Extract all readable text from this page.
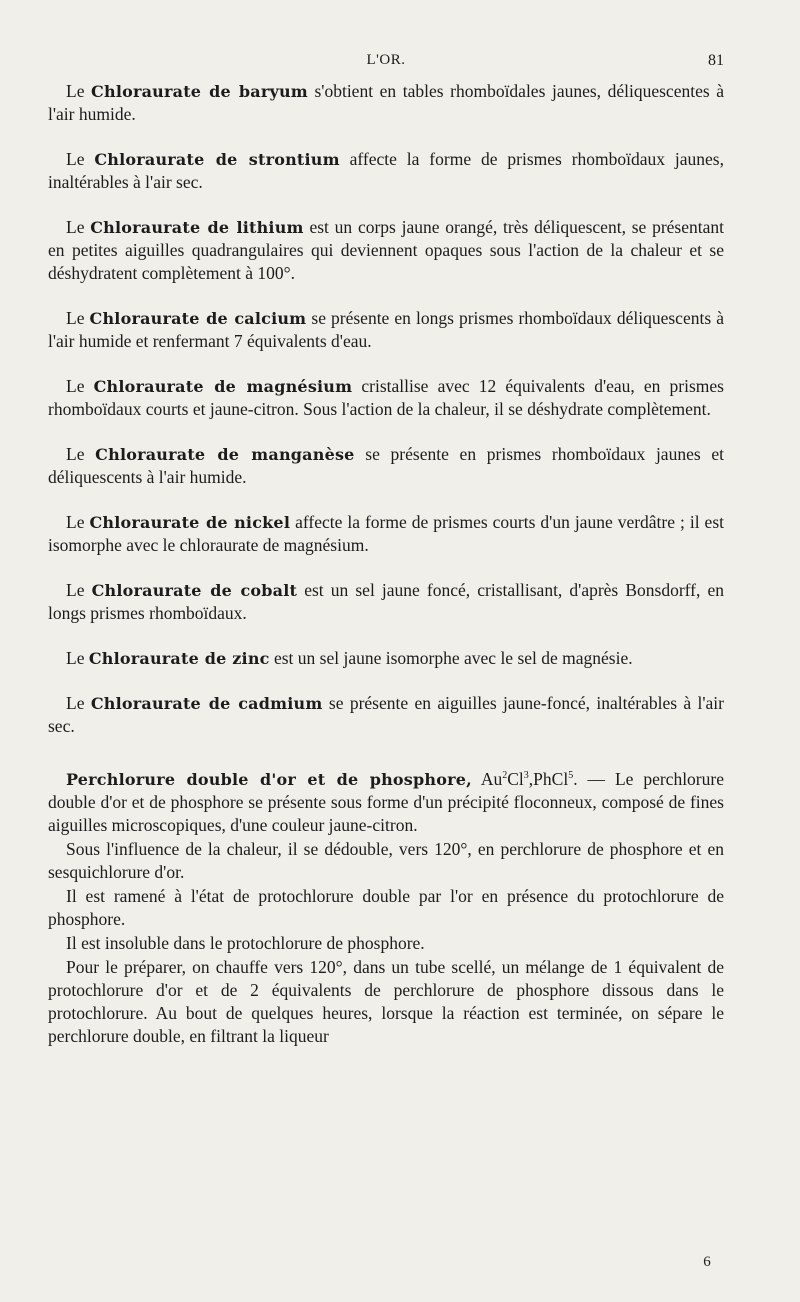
L'OR.	81

Le Chloraurate de baryum s'obtient en tables rhomboïdales jaunes, déliquescentes à l'air humide.

Le Chloraurate de strontium affecte la forme de prismes rhomboïdaux jaunes, inaltérables à l'air sec.

Le Chloraurate de lithium est un corps jaune orangé, très déliquescent, se présentant en petites aiguilles quadrangulaires qui deviennent opaques sous l'action de la chaleur et se déshydratent complètement à 100°.

Le Chloraurate de calcium se présente en longs prismes rhomboïdaux déliquescents à l'air humide et renfermant 7 équivalents d'eau.

Le Chloraurate de magnésium cristallise avec 12 équivalents d'eau, en prismes rhomboïdaux courts et jaune-citron. Sous l'action de la chaleur, il se déshydrate complètement.

Le Chloraurate de manganèse se présente en prismes rhomboïdaux jaunes et déliquescents à l'air humide.

Le Chloraurate de nickel affecte la forme de prismes courts d'un jaune verdâtre ; il est isomorphe avec le chloraurate de magnésium.

Le Chloraurate de cobalt est un sel jaune foncé, cristallisant, d'après Bonsdorff, en longs prismes rhomboïdaux.

Le Chloraurate de zinc est un sel jaune isomorphe avec le sel de magnésie.

Le Chloraurate de cadmium se présente en aiguilles jaune-foncé, inaltérables à l'air sec.

Perchlorure double d'or et de phosphore, Au$^2$Cl$^3$,PhCl$^5$. — Le perchlorure double d'or et de phosphore se présente sous forme d'un précipité floconneux, composé de fines aiguilles microscopiques, d'une couleur jaune-citron.

Sous l'influence de la chaleur, il se dédouble, vers 120°, en perchlorure de phosphore et en sesquichlorure d'or.

Il est ramené à l'état de protochlorure double par l'or en présence du protochlorure de phosphore.

Il est insoluble dans le protochlorure de phosphore.

Pour le préparer, on chauffe vers 120°, dans un tube scellé, un mélange de 1 équivalent de protochlorure d'or et de 2 équivalents de perchlorure de phosphore dissous dans le protochlorure. Au bout de quelques heures, lorsque la réaction est terminée, on sépare le perchlorure double, en filtrant la liqueur

6
